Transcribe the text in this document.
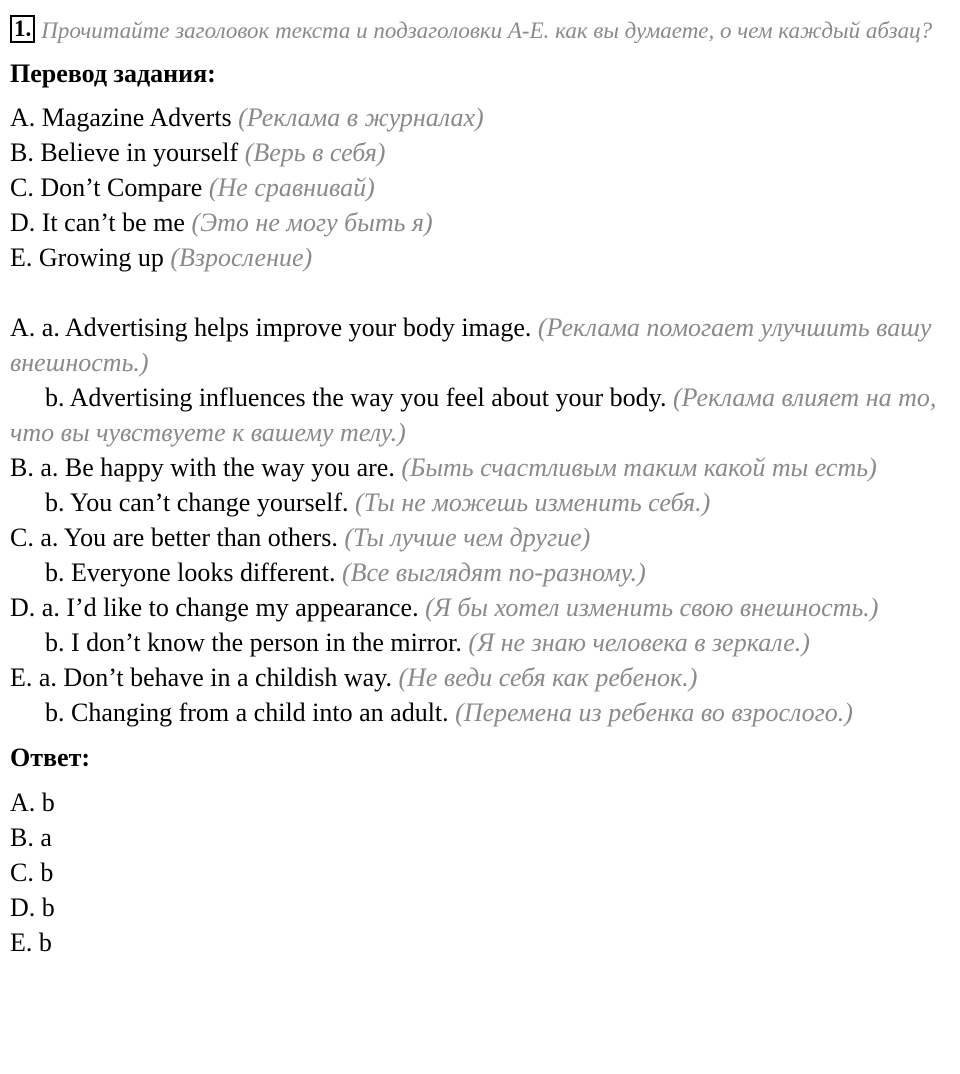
1. Прочитайте заголовок текста и подзаголовки A-E. как вы думаете, о чем каждый абзац?
Перевод задания:
A. Magazine Adverts (Реклама в журналах)
B. Believe in yourself (Верь в себя)
C. Don’t Compare (Не сравнивай)
D. It can’t be me (Это не могу быть я)
E. Growing up (Взросление)
A. a. Advertising helps improve your body image. (Реклама помогает улучшить вашу внешность.)
b. Advertising influences the way you feel about your body. (Реклама влияет на то, что вы чувствуете к вашему телу.)
B. a. Be happy with the way you are. (Быть счастливым таким какой ты есть)
b. You can’t change yourself. (Ты не можешь изменить себя.)
C. a. You are better than others. (Ты лучше чем другие)
b. Everyone looks different. (Все выглядят по-разному.)
D. a. I’d like to change my appearance. (Я бы хотел изменить свою внешность.)
b. I don’t know the person in the mirror. (Я не знаю человека в зеркале.)
E. a. Don’t behave in a childish way. (Не веди себя как ребенок.)
b. Changing from a child into an adult. (Перемена из ребенка во взрослого.)
Ответ:
A. b
B. a
C. b
D. b
E. b
